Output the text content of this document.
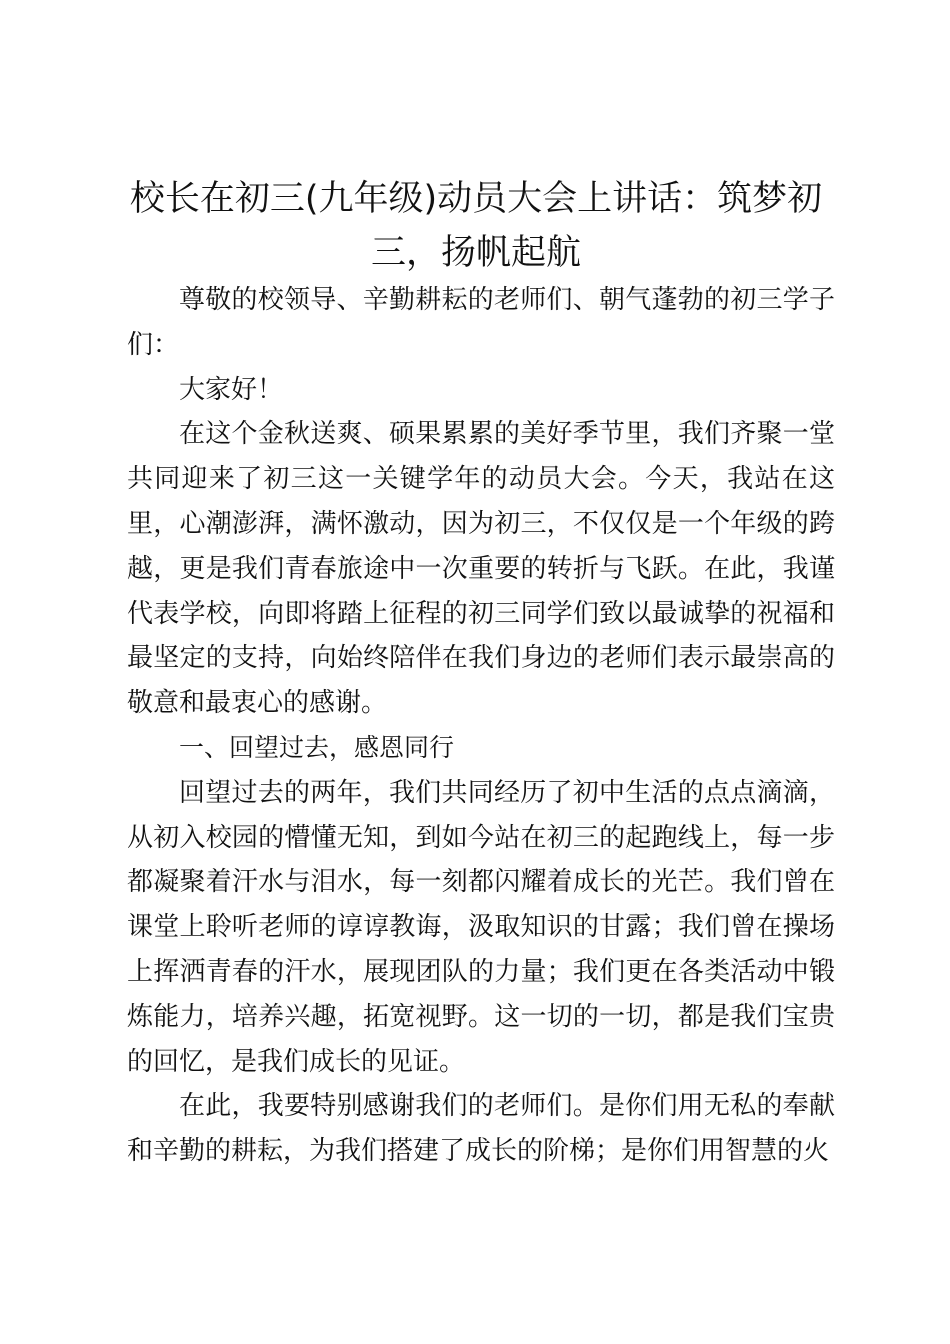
校长在初三(九年级)动员大会上讲话：筑梦初三，扬帆起航

尊敬的校领导、辛勤耕耘的老师们、朝气蓬勃的初三学子们：

大家好！

在这个金秋送爽、硕果累累的美好季节里，我们齐聚一堂共同迎来了初三这一关键学年的动员大会。今天，我站在这里，心潮澎湃，满怀激动，因为初三，不仅仅是一个年级的跨越，更是我们青春旅途中一次重要的转折与飞跃。在此，我谨代表学校，向即将踏上征程的初三同学们致以最诚挚的祝福和最坚定的支持，向始终陪伴在我们身边的老师们表示最崇高的敬意和最衷心的感谢。

一、回望过去，感恩同行

回望过去的两年，我们共同经历了初中生活的点点滴滴，从初入校园的懵懂无知，到如今站在初三的起跑线上，每一步都凝聚着汗水与泪水，每一刻都闪耀着成长的光芒。我们曾在课堂上聆听老师的谆谆教诲，汲取知识的甘露；我们曾在操场上挥洒青春的汗水，展现团队的力量；我们更在各类活动中锻炼能力，培养兴趣，拓宽视野。这一切的一切，都是我们宝贵的回忆，是我们成长的见证。

在此，我要特别感谢我们的老师们。是你们用无私的奉献和辛勤的耕耘，为我们搭建了成长的阶梯；是你们用智慧的火
